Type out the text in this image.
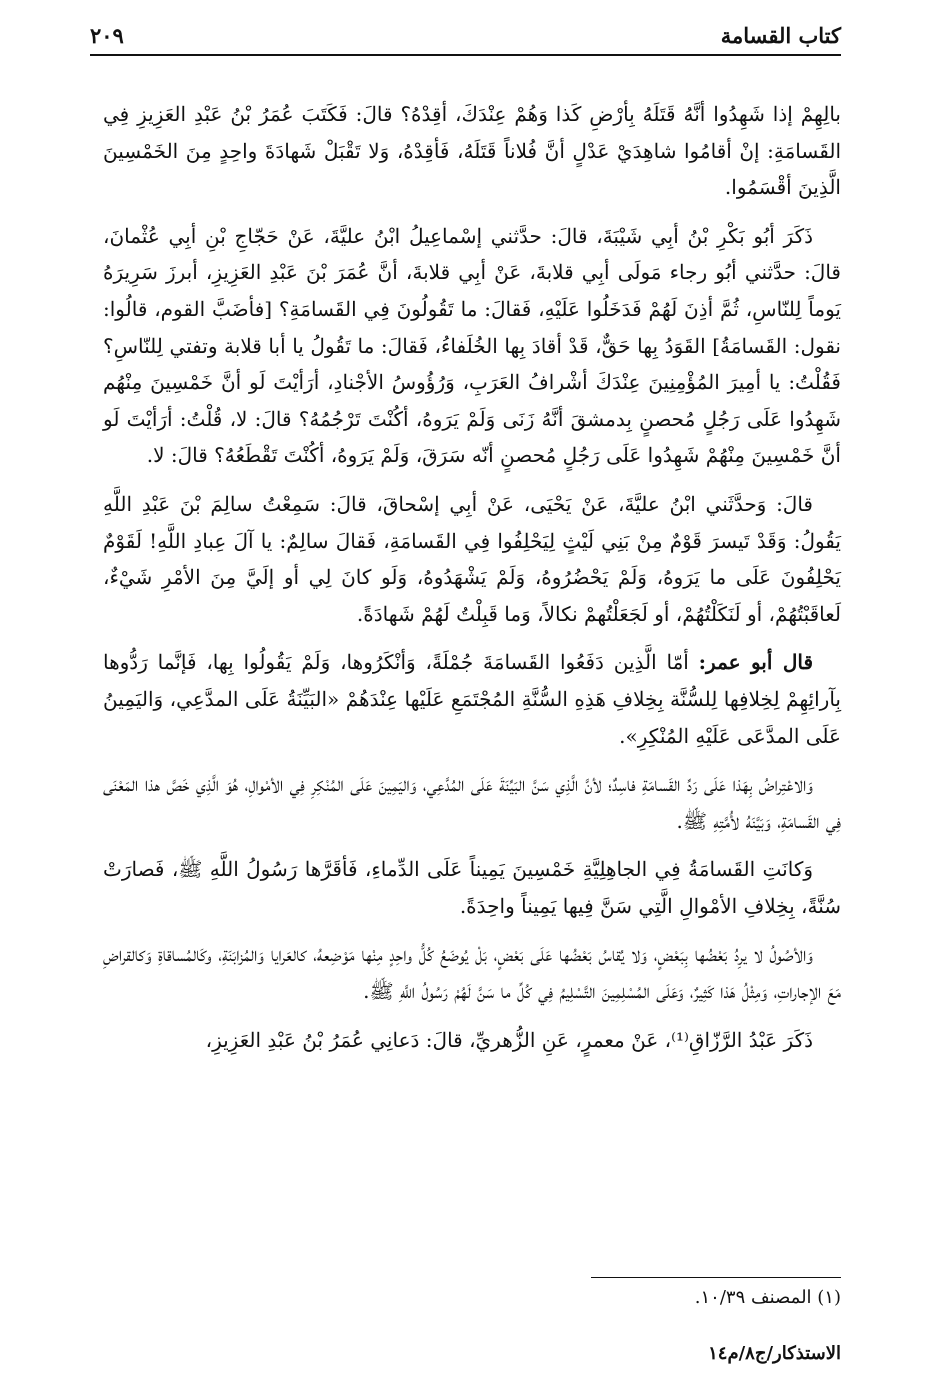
كتاب القسامة
٢٠٩

بالِهِمْ إذا شَهِدُوا أنَّهُ قَتَلَهُ بِأرْضِ كَذا وَهُمْ عِنْدَكَ، أقِدْهُ؟ قالَ: فَكَتَبَ عُمَرُ بْنُ عَبْدِ العَزِيزِ فِي القَسامَةِ: إنْ أقامُوا شاهِدَيْ عَدْلٍ أنَّ فُلاناً قَتَلَهُ، فَأقِدْهُ، وَلا تَقْبَلْ شَهادَةَ واحِدٍ مِنَ الخَمْسِينَ الَّذِينَ أقْسَمُوا.

ذَكَرَ أبُو بَكْرِ بْنُ أبِي شَيْبَةَ، قالَ: حدَّثني إسْماعِيلُ ابْنُ عليَّةَ، عَنْ حَجّاجِ بْنِ أبِي عُثْمانَ، قالَ: حدَّثني أبُو رجاء مَولَى أبِي قلابةَ، عَنْ أبِي قلابةَ، أنَّ عُمَرَ بْنَ عَبْدِ العَزِيزِ، أبرزَ سَرِيرَهُ يَوماً لِلنّاسِ، ثُمَّ أذِنَ لَهُمْ فَدَخَلُوا عَلَيْهِ، فَقالَ: ما تَقُولُونَ فِي القَسامَةِ؟ [فأضَبَّ القوم، قالُوا: نقول: القَسامَةُ] القَوَدُ بِها حَقٌّ، قَدْ أقادَ بِها الخُلَفاءُ، فَقالَ: ما تَقُولُ يا أبا قلابة وتفتي لِلنّاسِ؟ فَقُلْتُ: يا أمِيرَ المُؤْمِنِينَ عِنْدَكَ أشْرافُ العَرَبِ، وَرُؤُوسُ الأجْنادِ، أرَأيْتَ لَو أنَّ خَمْسِينَ مِنْهُم شَهِدُوا عَلَى رَجُلٍ مُحصنٍ بِدمشقَ أنَّهُ زَنَى وَلَمْ يَرَوهُ، أكُنْتَ تَرْجُمُهُ؟ قالَ: لا، قُلْتُ: أرَأيْتَ لَو أنَّ خَمْسِينَ مِنْهُمْ شَهِدُوا عَلَى رَجُلٍ مُحصنٍ أنّه سَرَقَ، وَلَمْ يَرَوهُ، أكُنْتَ تَقْطَعُهُ؟ قالَ: لا.

قالَ: وَحدَّثَني ابْنُ عليَّةَ، عَنْ يَحْيَى، عَنْ أبِي إسْحاقَ، قالَ: سَمِعْتُ سالِمَ بْنَ عَبْدِ اللَّهِ يَقُولُ: وَقَدْ تَيسرَ قَوْمٌ مِنْ بَنِي لَيْثٍ لِيَحْلِفُوا فِي القَسامَةِ، فَقالَ سالِمٌ: يا آلَ عِبادِ اللَّهِ! لَقَوْمٌ يَحْلِفُونَ عَلَى ما يَرَوهُ، وَلَمْ يَحْضُرُوهُ، وَلَمْ يَشْهَدُوهُ، وَلَو كانَ لِي أو إلَيَّ مِنَ الأمْرِ شَيْءٌ، لَعاقَبْتُهُمْ، أو لَنَكَلْتُهُمْ، أو لَجَعَلْتُهمْ نكالاً، وَما قَبِلْتُ لَهُمْ شَهادَةً.

قال أبو عمر: أمّا الَّذِين دَفَعُوا القَسامَةَ جُمْلَةً، وَأنْكَرُوها، وَلَمْ يَقُولُوا بِها، فَإنَّما رَدُّوها بِآرائِهِمْ لِخِلافِها لِلسُّنَّة بِخِلافِ هَذِهِ السُّنَّةِ المُجْتَمَعِ عَلَيْها عِنْدَهُمْ «البَيِّنَةُ عَلَى المدَّعِي، وَاليَمِينُ عَلَى المدَّعَى عَلَيْهِ المُنْكِرِ».

وَالاعْتِراضُ بِهَذا عَلَى رَدِّ القَسامَةِ فاسِدٌ؛ لأنَّ الَّذِي سَنَّ البَيِّنَةَ عَلَى المُدَّعِي، وَاليَمِينَ عَلَى المُنْكِرِ فِي الأمْوالِ، هُوَ الَّذِي خَصَّ هذا المَعْنَى فِي القَسامَةِ، وَبَيَّنَهُ لأُمَّتِهِ ﷺ.

وَكانَتِ القَسامَةُ فِي الجاهِلِيَّةِ خَمْسِينَ يَمِيناً عَلَى الدِّماءِ، فَأقَرَّها رَسُولُ اللَّهِ ﷺ، فَصارَتْ سُنَّةً، بِخِلافِ الأمْوالِ الَّتِي سَنَّ فِيها يَمِيناً واحِدَةً.

وَالأصُولُ لا يرِدُ بَعْضُها بِبَعْضٍ، وَلا يُقاسُ بَعْضُها عَلَى بَعْضٍ، بَلْ يُوضَعُ كُلُّ واحِدٍ مِنْها مَوْضِعهُ، كالعَرايا وَالمُزابَنَةِ، وكَالمُساقاةِ وَكالقراضِ مَعَ الإجاراتِ، وَمِثْلُ هَذا كَثِيرٌ، وَعَلَى المُسْلِمِينَ التَّسْلِيمُ فِي كُلِّ ما سَنَّ لَهُمْ رَسُولُ اللَّهِ ﷺ.

ذَكَرَ عَبْدُ الرَّزّاقِ⁽¹⁾، عَنْ معمرٍ، عَنِ الزُّهريِّ، قالَ: دَعانِي عُمَرُ بْنُ عَبْدِ العَزِيزِ،

(١) المصنف ١٠/٣٩.
الاستذكار/ج٨/م١٤
